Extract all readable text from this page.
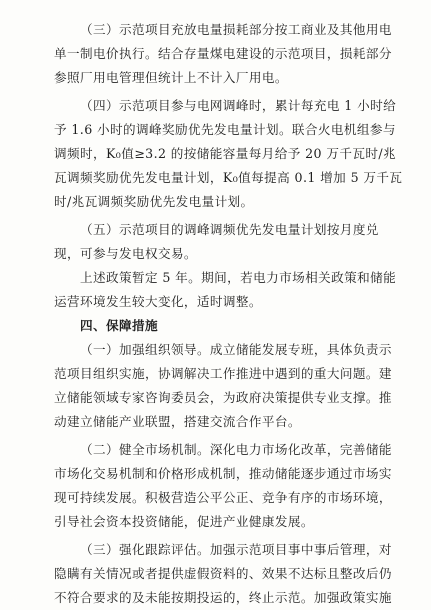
（三）示范项目充放电量损耗部分按工商业及其他用电
单一制电价执行。结合存量煤电建设的示范项目，损耗部分
参照厂用电管理但统计上不计入厂用电。
（四）示范项目参与电网调峰时，累计每充电 1 小时给
予 1.6 小时的调峰奖励优先发电量计划。联合火电机组参与
调频时，K₀值≥3.2 的按储能容量每月给予 20 万千瓦时/兆
瓦调频奖励优先发电量计划，K₀值每提高 0.1 增加 5 万千瓦
时/兆瓦调频奖励优先发电量计划。
（五）示范项目的调峰调频优先发电量计划按月度兑
现，可参与发电权交易。
上述政策暂定 5 年。期间，若电力市场相关政策和储能
运营环境发生较大变化，适时调整。
四、保障措施
（一）加强组织领导。成立储能发展专班，具体负责示
范项目组织实施，协调解决工作推进中遇到的重大问题。建
立储能领域专家咨询委员会，为政府决策提供专业支撑。推
动建立储能产业联盟，搭建交流合作平台。
（二）健全市场机制。深化电力市场化改革，完善储能
市场化交易机制和价格形成机制，推动储能逐步通过市场实
现可持续发展。积极营造公平公正、竞争有序的市场环境，
引导社会资本投资储能，促进产业健康发展。
（三）强化跟踪评估。加强示范项目事中事后管理，对
隐瞒有关情况或者提供虚假资料的、效果不达标且整改后仍
不符合要求的及未能按期投运的，终止示范。加强政策实施
